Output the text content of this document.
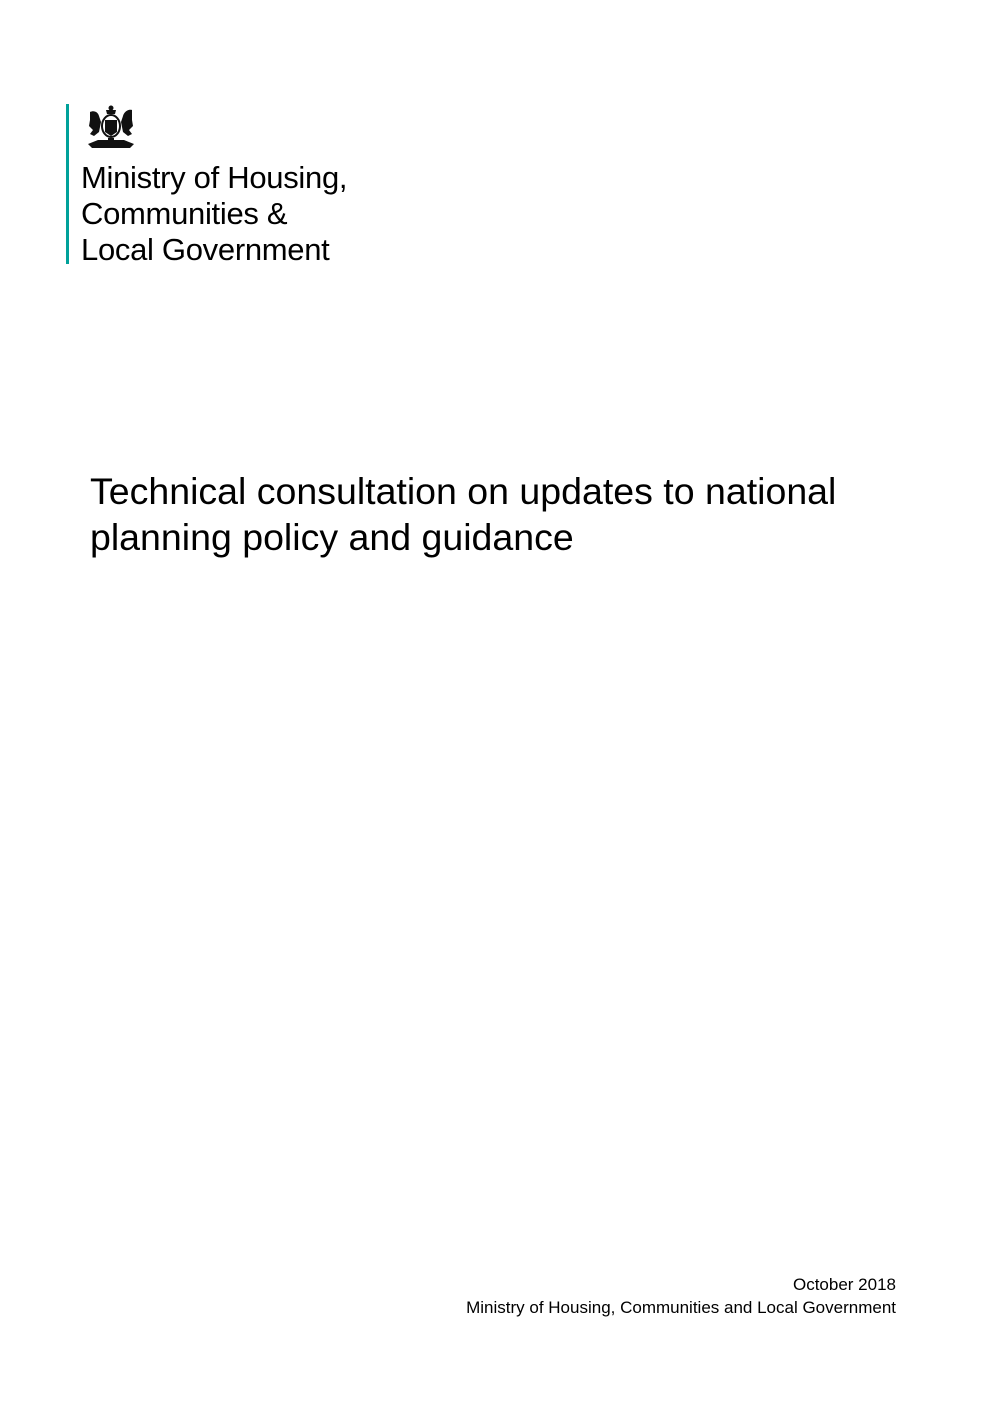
Ministry of Housing,
Communities &
Local Government
Technical consultation on updates to national
planning policy and guidance
October 2018
Ministry of Housing, Communities and Local Government
